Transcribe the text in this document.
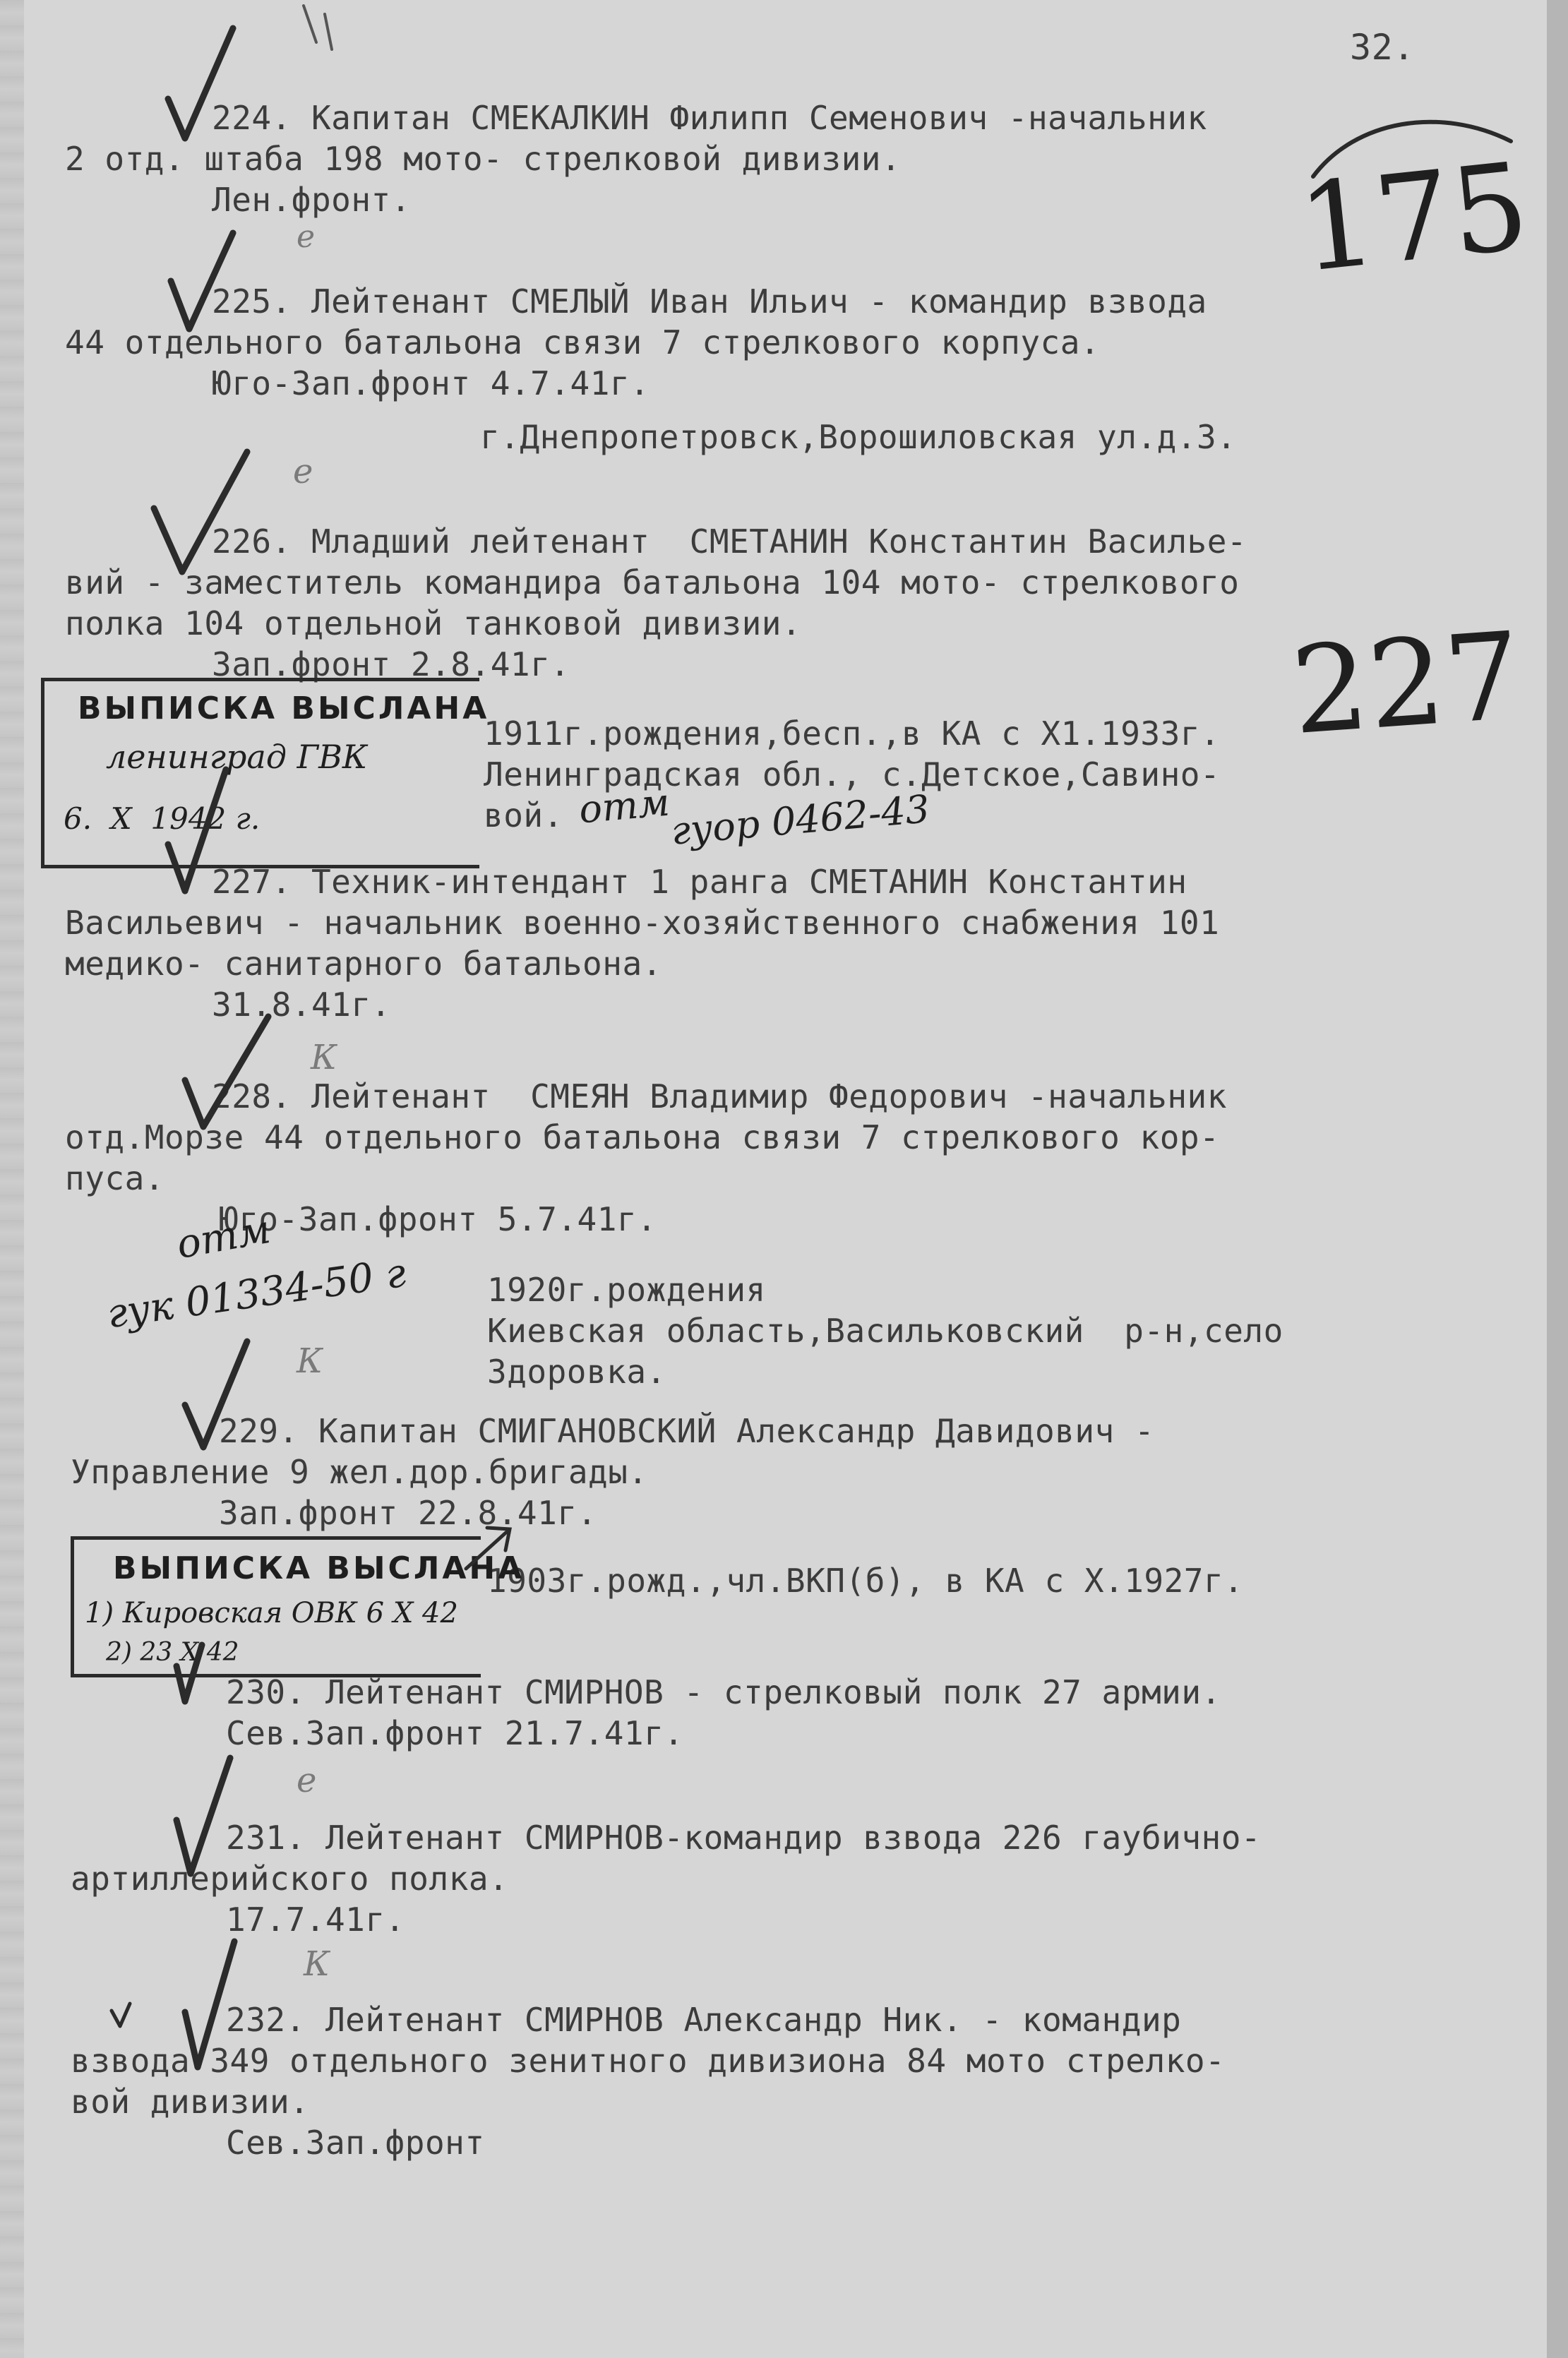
32.
224. Капитан СМЕКАЛКИН Филипп Семенович -начальник
2 отд. штаба 198 мото- стрелковой дивизии.
Лен.фронт.
225. Лейтенант СМЕЛЫЙ Иван Ильич - командир взвода
44 отдельного батальона связи 7 стрелкового корпуса.
Юго-Зап.фронт 4.7.41г.
г.Днепропетровск,Ворошиловская ул.д.3.
226. Младший лейтенант  СМЕТАНИН Константин Васильe-
вий - заместитель командира батальона 104 мото- стрелкового
полка 104 отдельной танковой дивизии.
Зап.фронт 2.8.41г.
1911г.рождения,бесп.,в КА с Х1.1933г.
Ленинградская обл., с.Детское,Савино-
вой.
227. Техник-интендант 1 ранга СМЕТАНИН Константин
Васильевич - начальник военно-хозяйственного снабжения 101
медико- санитарного батальона.
31.8.41г.
228. Лейтенант  СМЕЯН Владимир Федорович -начальник
отд.Морзе 44 отдельного батальона связи 7 стрелкового кор-
пуса.
Юго-Зап.фронт 5.7.41г.
1920г.рождения
Киевская область,Васильковский  р-н,село
Здоровка.
229. Капитан СМИГАНОВСКИЙ Александр Давидович -
Управление 9 жел.дор.бригады.
Зап.фронт 22.8.41г.
1903г.рожд.,чл.ВКП(б), в КА с Х.1927г.
230. Лейтенант СМИРНОВ - стрелковый полк 27 армии.
Сев.Зап.фронт 21.7.41г.
231. Лейтенант СМИРНОВ-командир взвода 226 гаубично-
артиллерийского полка.
17.7.41г.
232. Лейтенант СМИРНОВ Александр Ник. - командир
взвода 349 отдельного зенитного дивизиона 84 мото стрелко-
вой дивизии.
Сев.Зап.фронт
ВЫПИСКА ВЫСЛАНА
ленинград ГВК
6.  Х  1942 г.
ВЫПИСКА ВЫСЛАНА
1) Кировская ОВК 6 Х 42
2) 23 Х 42
175
227
отм
гуор 0462-43
отм
гук 01334-50 г
е
е
е
К
К
К
